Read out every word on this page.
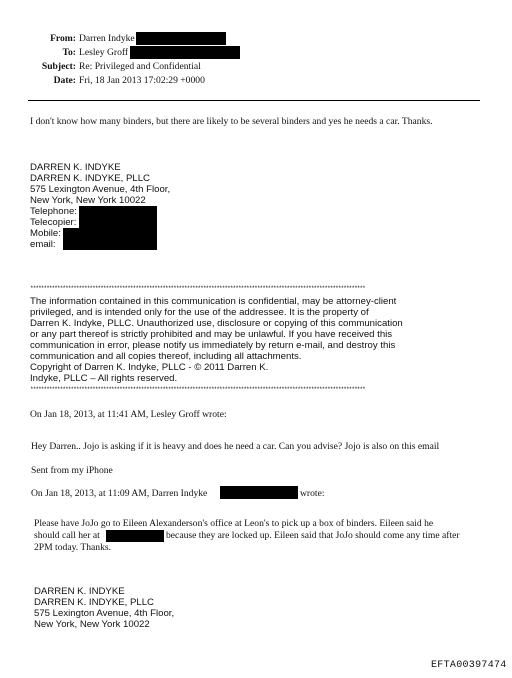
From: Darren Indyke
To: Lesley Groff
Subject: Re: Privileged and Confidential
Date: Fri, 18 Jan 2013 17:02:29 +0000
I don't know how many binders, but there are likely to be several binders and yes he needs a car. Thanks.
DARREN K. INDYKE
DARREN K. INDYKE, PLLC
575 Lexington Avenue, 4th Floor,
New York, New York 10022
Telephone:
Telecopier:
Mobile:
email:
****************************************************************************************************************************
The information contained in this communication is confidential, may be attorney-client
privileged, and is intended only for the use of the addressee. It is the property of
Darren K. Indyke, PLLC. Unauthorized use, disclosure or copying of this communication
or any part thereof is strictly prohibited and may be unlawful. If you have received this
communication in error, please notify us immediately by return e-mail, and destroy this
communication and all copies thereof, including all attachments.
Copyright of Darren K. Indyke, PLLC - © 2011 Darren K.
Indyke, PLLC – All rights reserved.
****************************************************************************************************************************
On Jan 18, 2013, at 11:41 AM, Lesley Groff wrote:
Hey Darren.. Jojo is asking if it is heavy and does he need a car. Can you advise? Jojo is also on this email
Sent from my iPhone
On Jan 18, 2013, at 11:09 AM, Darren Indyke	wrote:
Please have JoJo go to Eileen Alexanderson's office at Leon's to pick up a box of binders. Eileen said he
should call her at	because they are locked up. Eileen said that JoJo should come any time after
2PM today. Thanks.
DARREN K. INDYKE
DARREN K. INDYKE, PLLC
575 Lexington Avenue, 4th Floor,
New York, New York 10022
EFTA00397474
